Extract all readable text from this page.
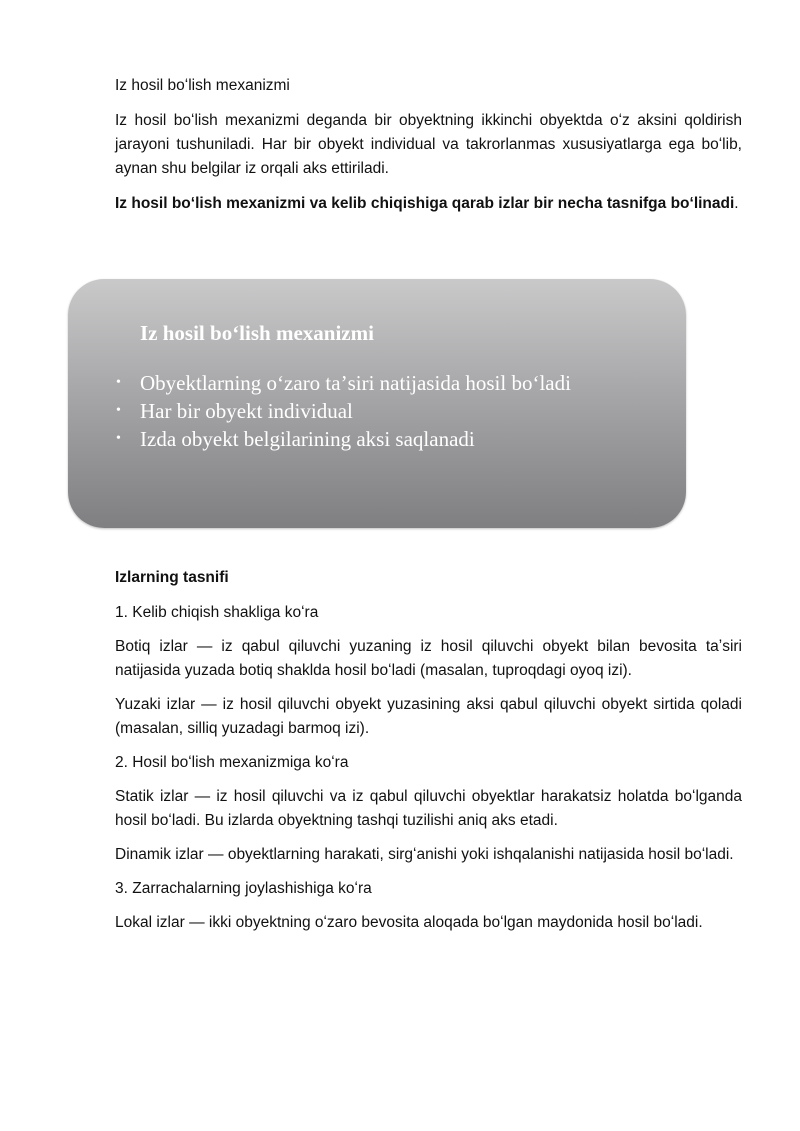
Iz hosil boʻlish mexanizmi

Iz hosil boʻlish mexanizmi deganda bir obyektning ikkinchi obyektda oʻz aksini qoldirish jarayoni tushuniladi. Har bir obyekt individual va takrorlanmas xususiyatlarga ega boʻlib, aynan shu belgilar iz orqali aks ettiriladi.

Iz hosil boʻlish mexanizmi va kelib chiqishiga qarab izlar bir necha tasnifga boʻlinadi.

Iz hosil boʻlish mexanizmi
• Obyektlarning oʻzaro taʼsiri natijasida hosil boʻladi
• Har bir obyekt individual
• Izda obyekt belgilarining aksi saqlanadi

Izlarning tasnifi

1. Kelib chiqish shakliga koʻra

Botiq izlar — iz qabul qiluvchi yuzaning iz hosil qiluvchi obyekt bilan bevosita taʼsiri natijasida yuzada botiq shaklda hosil boʻladi (masalan, tuproqdagi oyoq izi).

Yuzaki izlar — iz hosil qiluvchi obyekt yuzasining aksi qabul qiluvchi obyekt sirtida qoladi (masalan, silliq yuzadagi barmoq izi).

2. Hosil boʻlish mexanizmiga koʻra

Statik izlar — iz hosil qiluvchi va iz qabul qiluvchi obyektlar harakatsiz holatda boʻlganda hosil boʻladi. Bu izlarda obyektning tashqi tuzilishi aniq aks etadi.

Dinamik izlar — obyektlarning harakati, sirgʻanishi yoki ishqalanishi natijasida hosil boʻladi.

3. Zarrachalarning joylashishiga koʻra

Lokal izlar — ikki obyektning oʻzaro bevosita aloqada boʻlgan maydonida hosil boʻladi.
